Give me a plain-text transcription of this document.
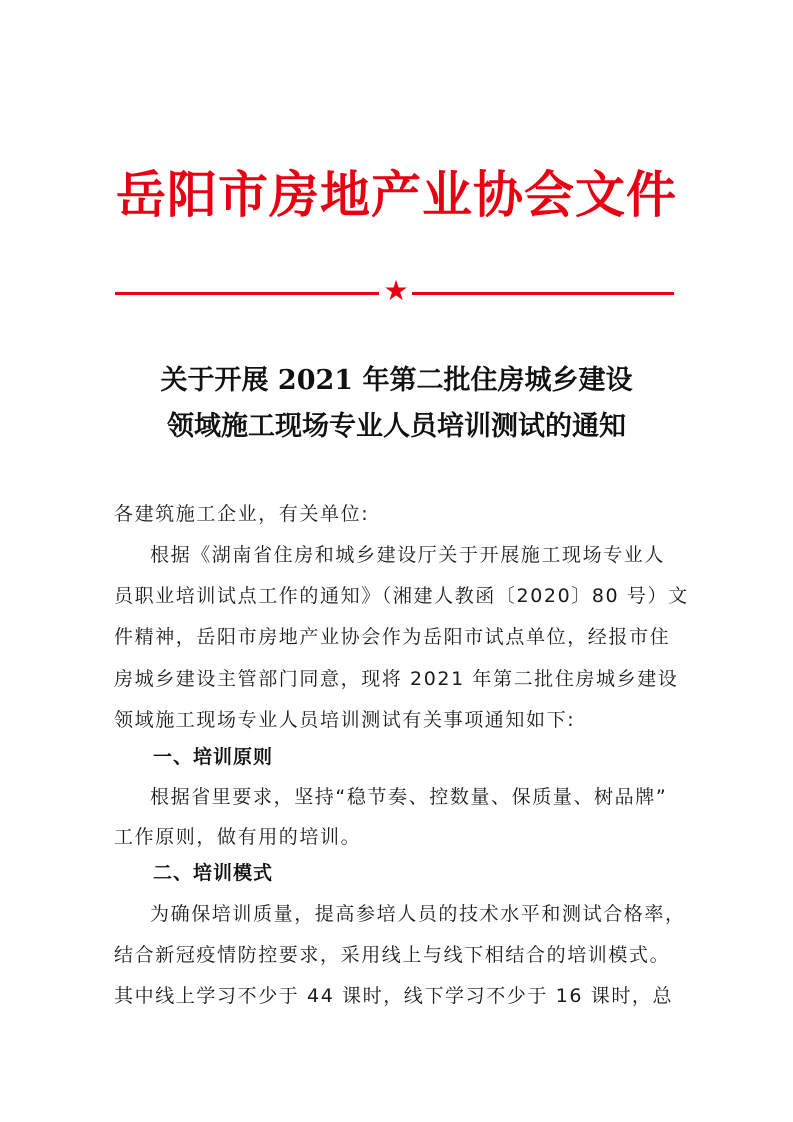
岳阳市房地产业协会文件
★
关于开展 2021 年第二批住房城乡建设
领域施工现场专业人员培训测试的通知
各建筑施工企业，有关单位:
根据《湖南省住房和城乡建设厅关于开展施工现场专业人
员职业培训试点工作的通知》（湘建人教函〔2020〕80 号）文
件精神，岳阳市房地产业协会作为岳阳市试点单位，经报市住
房城乡建设主管部门同意，现将 2021 年第二批住房城乡建设
领域施工现场专业人员培训测试有关事项通知如下:
一、培训原则
根据省里要求，坚持“稳节奏、控数量、保质量、树品牌”
工作原则，做有用的培训。
二、培训模式
为确保培训质量，提高参培人员的技术水平和测试合格率，
结合新冠疫情防控要求，采用线上与线下相结合的培训模式。
其中线上学习不少于 44 课时，线下学习不少于 16 课时，总
